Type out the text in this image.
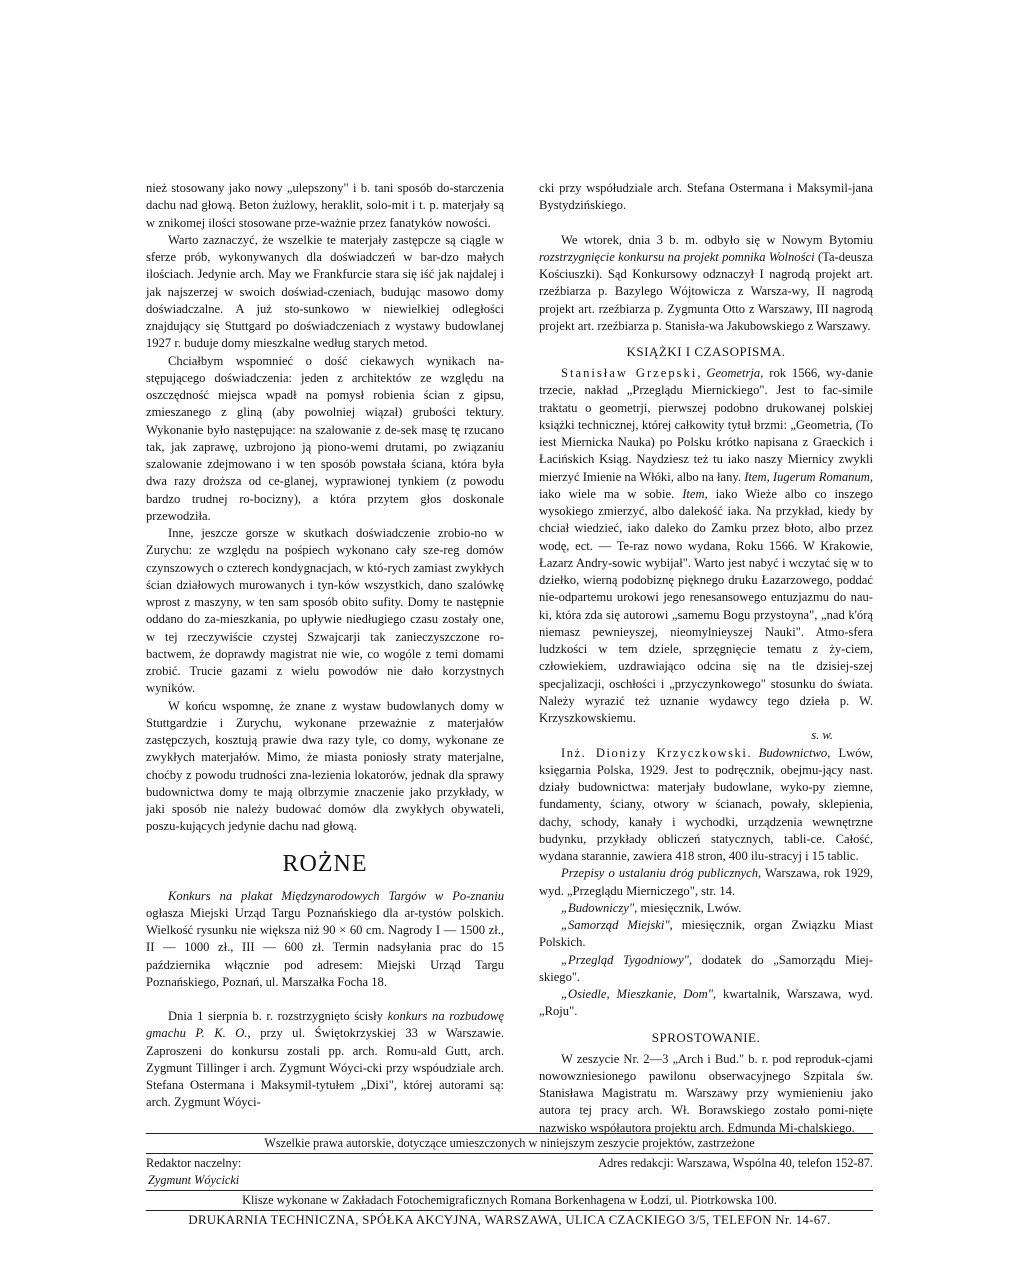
nież stosowany jako nowy „ulepszony" i b. tani sposób do-starczenia dachu nad głową. Beton żużlowy, heraklit, solo-mit i t. p. materjały są w znikomej ilości stosowane prze-ważnie przez fanatyków nowości.

Warto zaznaczyć, że wszelkie te materjały zastępcze są ciągle w sferze prób, wykonywanych dla doświadczeń w bar-dzo małych ilościach. Jedynie arch. May we Frankfurcie stara się iść jak najdalej i jak najszerzej w swoich doświad-czeniach, budując masowo domy doświadczalne. A już sto-sunkowo w niewielkiej odległości znajdujący się Stuttgard po doświadczeniach z wystawy budowlanej 1927 r. buduje domy mieszkalne według starych metod.

Chciałbym wspomnieć o dość ciekawych wynikach na-stępującego doświadczenia: jeden z architektów ze względu na oszczędność miejsca wpadł na pomysł robienia ścian z gipsu, zmieszanego z gliną (aby powolniej wiązał) grubości tektury. Wykonanie było następujące: na szalowanie z de-sek masę tę rzucano tak, jak zaprawę, uzbrojono ją piono-wemi drutami, po związaniu szalowanie zdejmowano i w ten sposób powstała ściana, która była dwa razy droższa od ce-glanej, wyprawionej tynkiem (z powodu bardzo trudnej ro-bocizny), a która przytem głos doskonale przewodziła.

Inne, jeszcze gorsze w skutkach doświadczenie zrobio-no w Zurychu: ze względu na pośpiech wykonano cały sze-reg domów czynszowych o czterech kondygnacjach, w któ-rych zamiast zwykłych ścian działowych murowanych i tyn-ków wszystkich, dano szalówkę wprost z maszyny, w ten sam sposób obito sufity. Domy te następnie oddano do za-mieszkania, po upływie niedługiego czasu zostały one, w tej rzeczywiście czystej Szwajcarji tak zanieczyszczone ro-bactwem, że doprawdy magistrat nie wie, co wogóle z temi domami zrobić. Trucie gazami z wielu powodów nie dało korzystnych wyników.

W końcu wspomnę, że znane z wystaw budowlanych domy w Stuttgardzie i Zurychu, wykonane przeważnie z materjałów zastępczych, kosztują prawie dwa razy tyle, co domy, wykonane ze zwykłych materjałów. Mimo, że miasta poniosły straty materjalne, choćby z powodu trudności zna-lezienia lokatorów, jednak dla sprawy budownictwa domy te mają olbrzymie znaczenie jako przykłady, w jaki sposób nie należy budować domów dla zwykłych obywateli, poszu-kujących jedynie dachu nad głową.

ROŻNE

Konkurs na plakat Międzynarodowych Targów w Po-znaniu ogłasza Miejski Urząd Targu Poznańskiego dla ar-tystów polskich. Wielkość rysunku nie większa niż 90 × 60 cm. Nagrody I — 1500 zł., II — 1000 zł., III — 600 zł. Termin nadsyłania prac do 15 października włącznie pod adresem: Miejski Urząd Targu Poznańskiego, Poznań, ul. Marszałka Focha 18.

Dnia 1 sierpnia b. r. rozstrzygnięto ścisły konkurs na rozbudowę gmachu P. K. O., przy ul. Świętokrzyskiej 33 w Warszawie. Zaproszeni do konkursu zostali pp. arch. Romu-ald Gutt, arch. Zygmunt Tillinger i arch. Zygmunt Wóyci-cki przy wspóudziale arch. Stefana Ostermana i Maksymil-tytułem „Dixi", której autorami są: arch. Zygmunt Wóyci-

cki przy współudziale arch. Stefana Ostermana i Maksymil-jana Bystydzińskiego.

We wtorek, dnia 3 b. m. odbyło się w Nowym Bytomiu rozstrzygnięcie konkursu na projekt pomnika Wolności (Ta-deusza Kościuszki). Sąd Konkursowy odznaczył I nagrodą projekt art. rzeźbiarza p. Bazylego Wójtowicza z Warsza-wy, II nagrodą projekt art. rzeźbiarza p. Zygmunta Otto z Warszawy, III nagrodą projekt art. rzeźbiarza p. Stanisła-wa Jakubowskiego z Warszawy.

KSIĄŻKI I CZASOPISMA.

Stanisław Grzepski, Geometrja, rok 1566, wy-danie trzecie, nakład „Przeglądu Miernickiego". Jest to fac-simile traktatu o geometrji, pierwszej podobno drukowanej polskiej książki technicznej, której całkowity tytuł brzmi: „Geometria, (To iest Miernicka Nauka) po Polsku krótko napisana z Graeckich i Łacińskich Ksiąg. Naydziesz też tu iako naszy Miernicy zwykli mierzyć Imienie na Włóki, albo na łany. Item, Iugerum Romanum, iako wiele ma w sobie. Item, iako Wieże albo co inszego wysokiego zmierzyć, albo dalekość iaka. Na przykład, kiedy by chciał wiedzieć, iako daleko do Zamku przez błoto, albo przez wodę, ect. — Te-raz nowo wydana, Roku 1566. W Krakowie, Łazarz Andry-sowic wybijał". Warto jest nabyć i wczytać się w to dziełko, wierną podobiznę pięknego druku Łazarzowego, poddać nie-odpartemu urokowi jego renesansowego entuzjazmu do nau-ki, która zda się autorowi „samemu Bogu przystoyna", „nad k'órą niemasz pewnieyszej, nieomylnieyszej Nauki". Atmo-sfera ludzkości w tem dziele, sprzęgnięcie tematu z ży-ciem, człowiekiem, uzdrawiająco odcina się na tle dzisiej-szej specjalizacji, oschłości i „przyczynkowego" stosunku do świata. Należy wyrazić też uznanie wydawcy tego dzieła p. W. Krzyszkowskiemu.

s. w.

Inż. Dionizy Krzyczkowski. Budownictwo, Lwów, księgarnia Polska, 1929. Jest to podręcznik, obejmu-jący nast. działy budownictwa: materjały budowlane, wyko-py ziemne, fundamenty, ściany, otwory w ścianach, powały, sklepienia, dachy, schody, kanały i wychodki, urządzenia wewnętrzne budynku, przykłady obliczeń statycznych, tabli-ce. Całość, wydana starannie, zawiera 418 stron, 400 ilu-stracyj i 15 tablic.

Przepisy o ustalaniu dróg publicznych, Warszawa, rok 1929, wyd. „Przeglądu Mierniczego", str. 14.

„Budowniczy", miesięcznik, Lwów.

„Samorząd Miejski", miesięcznik, organ Związku Miast Polskich.

„Przegląd Tygodniowy", dodatek do „Samorządu Miej-skiego".

„Osiedle, Mieszkanie, Dom", kwartalnik, Warszawa, wyd. „Roju".

SPROSTOWANIE.

W zeszycie Nr. 2—3 „Arch i Bud." b. r. pod reproduk-cjami nowowzniesionego pawilonu obserwacyjnego Szpitala św. Stanisława Magistratu m. Warszawy przy wymienieniu jako autora tej pracy arch. Wł. Borawskiego zostało pomi-nięte nazwisko współautora projektu arch. Edmunda Mi-chalskiego.

Wszelkie prawa autorskie, dotyczące umieszczonych w niniejszym zeszycie projektów, zastrzeżone
Redaktor naczelny:
Zygmunt Wóycicki
Adres redakcji: Warszawa, Wspólna 40, telefon 152-87.
Klisze wykonane w Zakładach Fotochemigraficznych Romana Borkenhagena w Łodzi, ul. Piotrkowska 100.
DRUKARNIA TECHNICZNA, SPÓŁKA AKCYJNA, WARSZAWA, ULICA CZACKIEGO 3/5, TELEFON Nr. 14-67.
